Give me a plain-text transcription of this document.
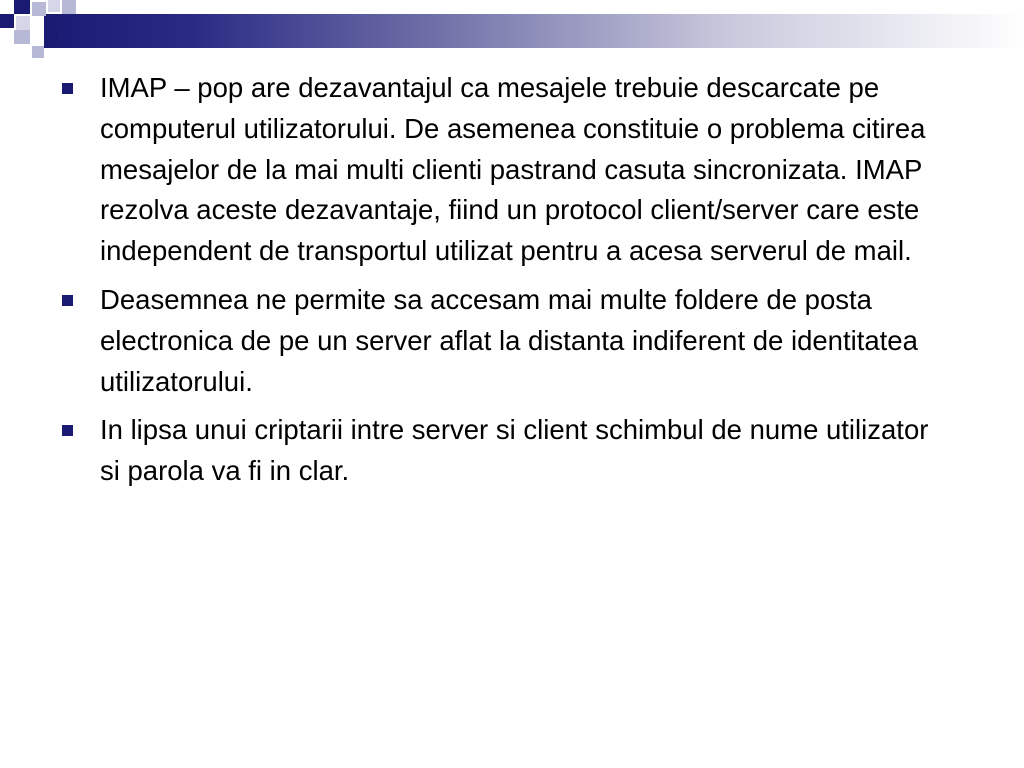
IMAP – pop are dezavantajul ca mesajele trebuie descarcate pe computerul utilizatorului. De asemenea constituie o problema citirea mesajelor de la mai multi clienti pastrand casuta sincronizata. IMAP rezolva aceste dezavantaje, fiind un protocol client/server care este independent de transportul utilizat pentru a acesa serverul de mail.
Deasemnea ne permite sa accesam mai multe foldere de posta electronica de pe un server aflat la distanta indiferent de identitatea utilizatorului.
In lipsa unui criptarii intre server si client schimbul de nume utilizator si parola va fi in clar.
